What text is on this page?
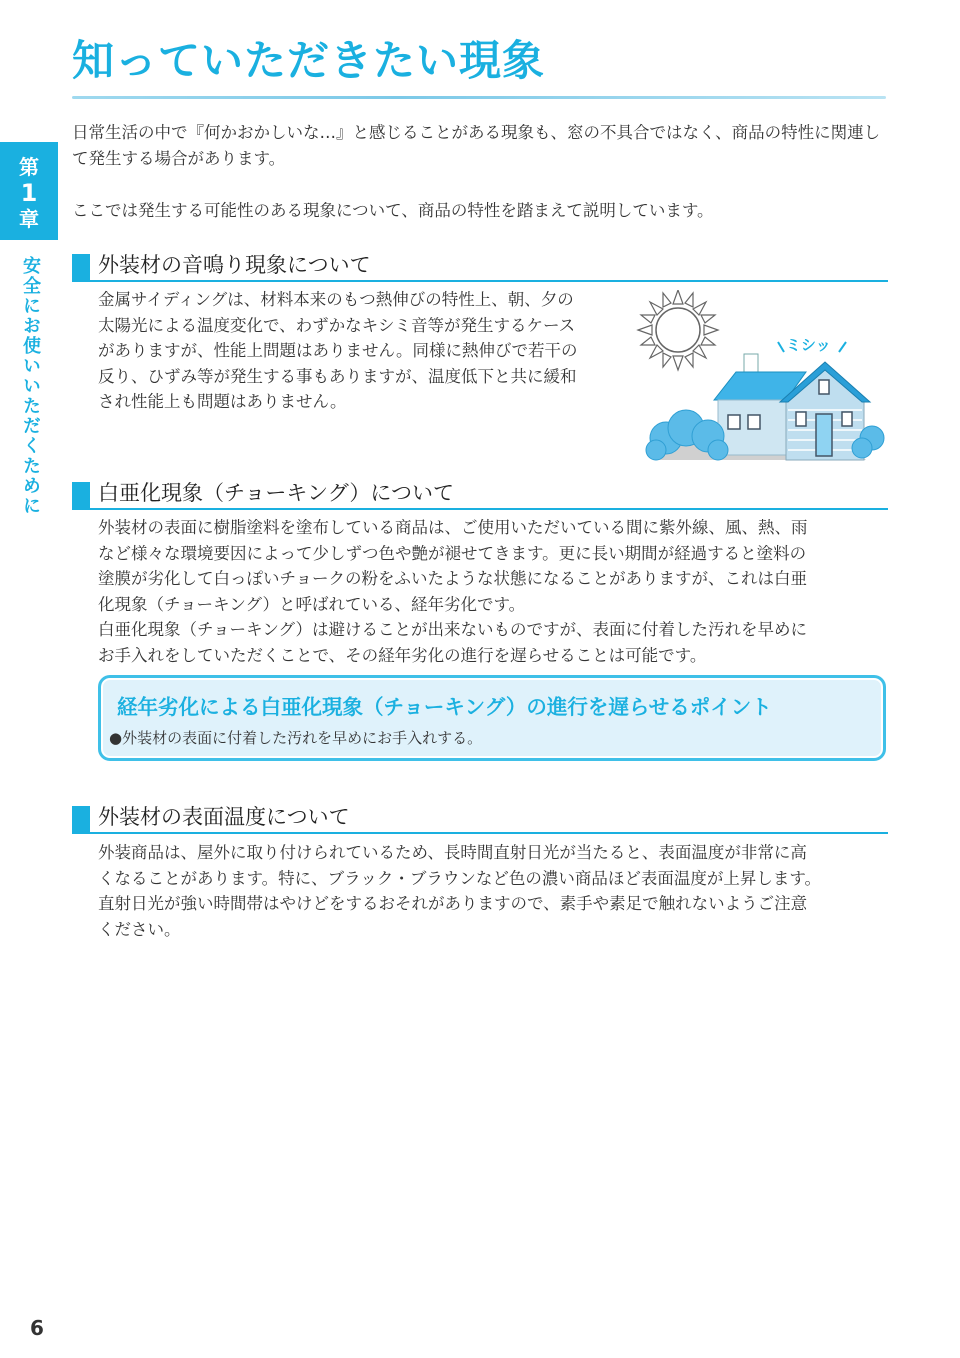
知っていただきたい現象
第
1
章
安全にお使いいただくために

日常生活の中で『何かおかしいな…』と感じることがある現象も、窓の不具合ではなく、商品の特性に関連して発生する場合があります。

ここでは発生する可能性のある現象について、商品の特性を踏まえて説明しています。

外装材の音鳴り現象について

金属サイディングは、材料本来のもつ熱伸びの特性上、朝、夕の

太陽光による温度変化で、わずかなキシミ音等が発生するケース

がありますが、性能上問題はありません。同様に熱伸びで若干の

反り、ひずみ等が発生する事もありますが、温度低下と共に緩和

され性能上も問題はありません。

ミシッ
白亜化現象（チョーキング）について

外装材の表面に樹脂塗料を塗布している商品は、ご使用いただいている間に紫外線、風、熱、雨

など様々な環境要因によって少しずつ色や艶が褪せてきます。更に長い期間が経過すると塗料の

塗膜が劣化して白っぽいチョークの粉をふいたような状態になることがありますが、これは白亜

化現象（チョーキング）と呼ばれている、経年劣化です。

白亜化現象（チョーキング）は避けることが出来ないものですが、表面に付着した汚れを早めに

お手入れをしていただくことで、その経年劣化の進行を遅らせることは可能です。

経年劣化による白亜化現象（チョーキング）の進行を遅らせるポイント
●外装材の表面に付着した汚れを早めにお手入れする。
外装材の表面温度について

外装商品は、屋外に取り付けられているため、長時間直射日光が当たると、表面温度が非常に高

くなることがあります。特に、ブラック・ブラウンなど色の濃い商品ほど表面温度が上昇します。

直射日光が強い時間帯はやけどをするおそれがありますので、素手や素足で触れないようご注意

ください。

6
